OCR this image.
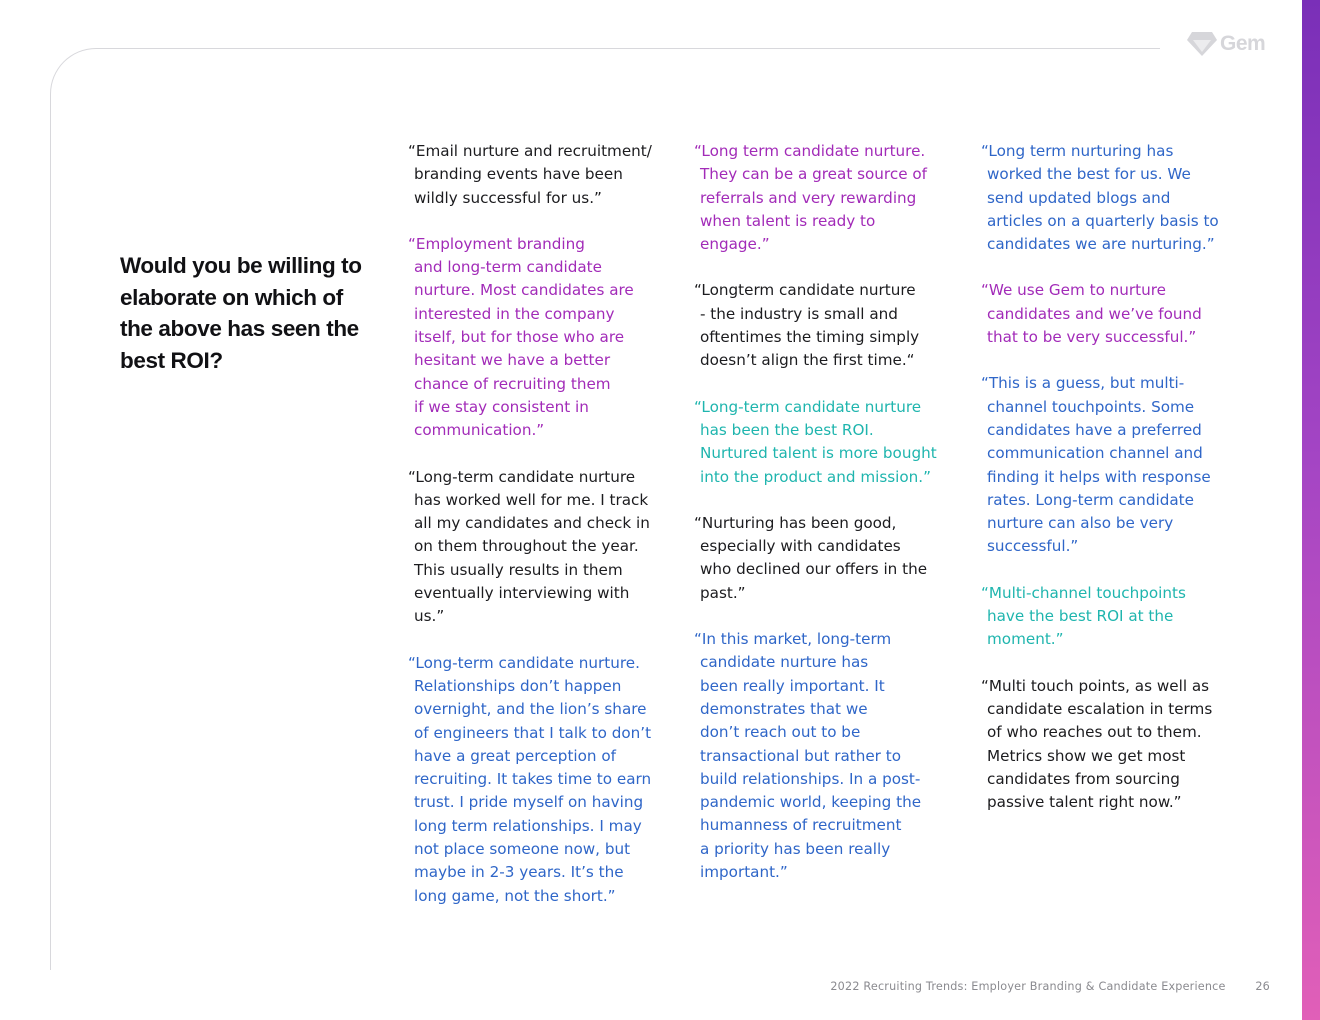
Gem
Would you be willing to elaborate on which of the above has seen the best ROI?

“Email nurture and recruitment/
branding events have been
wildly successful for us.”

“Employment branding
and long-term candidate
nurture. Most candidates are
interested in the company
itself, but for those who are
hesitant we have a better
chance of recruiting them
if we stay consistent in
communication.”

“Long-term candidate nurture
has worked well for me. I track
all my candidates and check in
on them throughout the year.
This usually results in them
eventually interviewing with
us.”

“Long-term candidate nurture.
Relationships don’t happen
overnight, and the lion’s share
of engineers that I talk to don’t
have a great perception of
recruiting. It takes time to earn
trust. I pride myself on having
long term relationships. I may
not place someone now, but
maybe in 2-3 years. It’s the
long game, not the short.”

“Long term candidate nurture.
They can be a great source of
referrals and very rewarding
when talent is ready to
engage.”

“Longterm candidate nurture
- the industry is small and
oftentimes the timing simply
doesn’t align the first time.“

“Long-term candidate nurture
has been the best ROI.
Nurtured talent is more bought
into the product and mission.”

“Nurturing has been good,
especially with candidates
who declined our offers in the
past.”

“In this market, long-term
candidate nurture has
been really important. It
demonstrates that we
don’t reach out to be
transactional but rather to
build relationships. In a post-
pandemic world, keeping the
humanness of recruitment
a priority has been really
important.”

“Long term nurturing has
worked the best for us. We
send updated blogs and
articles on a quarterly basis to
candidates we are nurturing.”

“We use Gem to nurture
candidates and we’ve found
that to be very successful.”

“This is a guess, but multi-
channel touchpoints. Some
candidates have a preferred
communication channel and
finding it helps with response
rates. Long-term candidate
nurture can also be very
successful.”

“Multi-channel touchpoints
have the best ROI at the
moment.”

“Multi touch points, as well as
candidate escalation in terms
of who reaches out to them.
Metrics show we get most
candidates from sourcing
passive talent right now.”

2022 Recruiting Trends: Employer Branding & Candidate Experience	26
